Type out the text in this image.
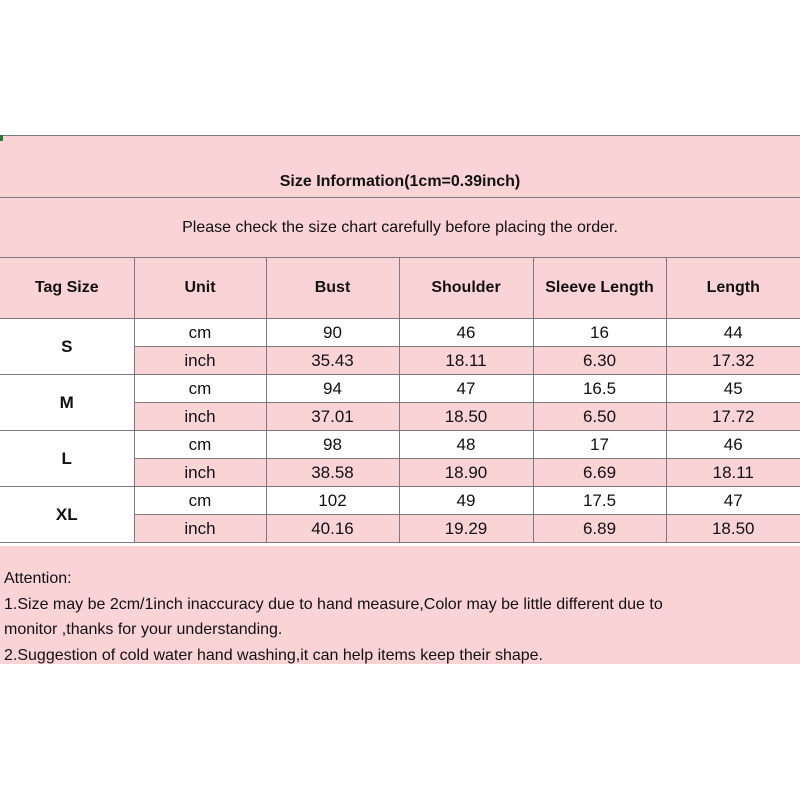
Size Information(1cm=0.39inch)
Please check the size chart carefully before placing the order.
Tag Size	Unit	Bust	Shoulder	Sleeve Length	Length
S	cm	90	46	16	44
	inch	35.43	18.11	6.30	17.32
M	cm	94	47	16.5	45
	inch	37.01	18.50	6.50	17.72
L	cm	98	48	17	46
	inch	38.58	18.90	6.69	18.11
XL	cm	102	49	17.5	47
	inch	40.16	19.29	6.89	18.50
Attention:
1.Size may be 2cm/1inch inaccuracy due to hand measure,Color may be little different due to
monitor ,thanks for your understanding.
2.Suggestion of cold water hand washing,it can help items keep their shape.
